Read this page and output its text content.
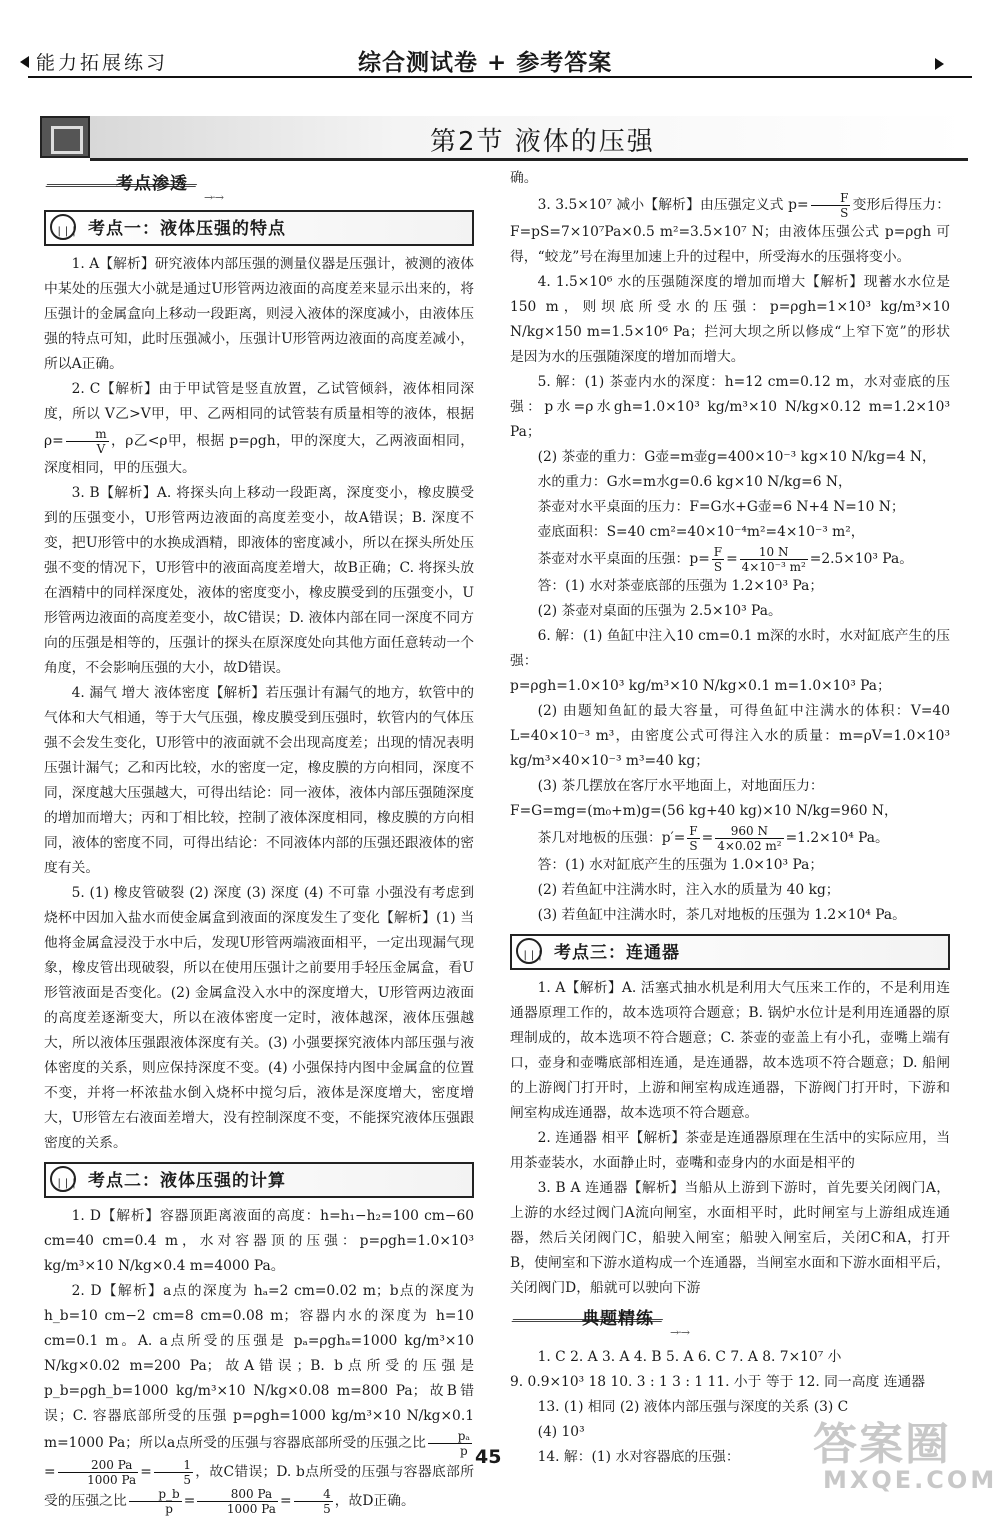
能力拓展练习	综合测试卷 + 参考答案
第2节 液体的压强
考点渗透
→·→
❘❘❘
考点一：液体压强的特点

1. A【解析】研究液体内部压强的测量仪器是压强计，被测的液体中某处的压强大小就是通过U形管两边液面的高度差来显示出来的，将压强计的金属盒向上移动一段距离，则浸入液体的深度减小，由液体压强的特点可知，此时压强减小，压强计U形管两边液面的高度差减小，所以A正确。

2. C【解析】由于甲试管是竖直放置，乙试管倾斜，液体相同深度，所以 V乙>V甲，甲、乙两相同的试管装有质量相等的液体，根据 $\rho= \frac{m}{V}$ ，ρ乙<ρ甲，根据 p=ρgh，甲的深度大，乙两液面相同，深度相同，甲的压强大。

3. B【解析】A. 将探头向上移动一段距离，深度变小，橡皮膜受到的压强变小，U形管两边液面的高度差变小，故A错误；B. 深度不变，把U形管中的水换成酒精，即液体的密度减小，所以在探头所处压强不变的情况下，U形管中的液面高度差增大，故B正确；C. 将探头放在酒精中的同样深度处，液体的密度变小，橡皮膜受到的压强变小，U形管两边液面的高度差变小，故C错误；D. 液体内部在同一深度不同方向的压强是相等的，压强计的探头在原深度处向其他方面任意转动一个角度，不会影响压强的大小，故D错误。

4. 漏气 增大 液体密度【解析】若压强计有漏气的地方，软管中的气体和大气相通，等于大气压强，橡皮膜受到压强时，软管内的气体压强不会发生变化，U形管中的液面就不会出现高度差；出现的情况表明压强计漏气；乙和丙比较，水的密度一定，橡皮膜的方向相同，深度不同，深度越大压强越大，可得出结论：同一液体，液体内部压强随深度的增加而增大；丙和丁相比较，控制了液体深度相同，橡皮膜的方向相同，液体的密度不同，可得出结论：不同液体内部的压强还跟液体的密度有关。

5. (1) 橡皮管破裂 (2) 深度 (3) 深度 (4) 不可靠 小强没有考虑到烧杯中因加入盐水而使金属盒到液面的深度发生了变化【解析】(1) 当他将金属盒浸没于水中后，发现U形管两端液面相平，一定出现漏气现象，橡皮管出现破裂，所以在使用压强计之前要用手轻压金属盒，看U形管液面是否变化。(2) 金属盒没入水中的深度增大，U形管两边液面的高度差逐渐变大，所以在液体密度一定时，液体越深，液体压强越大，所以液体压强跟液体深度有关。(3) 小强要探究液体内部压强与液体密度的关系，则应保持深度不变。(4) 小强保持内图中金属盒的位置不变，并将一杯浓盐水倒入烧杯中搅匀后，液体是深度增大，密度增大，U形管左右液面差增大，没有控制深度不变，不能探究液体压强跟密度的关系。

❘❘❘
考点二：液体压强的计算

1. D【解析】容器顶距离液面的高度：h=h₁−h₂=100 cm−60 cm=40 cm=0.4 m，水对容器顶的压强：p=ρgh=1.0×10³ kg/m³×10 N/kg×0.4 m=4000 Pa。

2. D【解析】a点的深度为 hₐ=2 cm=0.02 m；b点的深度为 h_b=10 cm−2 cm=8 cm=0.08 m；容器内水的深度为 h=10 cm=0.1 m。A. a点所受的压强是 pₐ=ρghₐ=1000 kg/m³×10 N/kg×0.02 m=200 Pa；故A错误；B. b点所受的压强是 p_b=ρgh_b=1000 kg/m³×10 N/kg×0.08 m=800 Pa；故B错误；C. 容器底部所受的压强 p=ρgh=1000 kg/m³×10 N/kg×0.1 m=1000 Pa；所以a点所受的压强与容器底部所受的压强之比 $\frac{\text{pₐ}}{p}$
= $\frac{200 Pa}{1000 Pa} = \frac{1}{5}$ ，故C错误；D. b点所受的压强与容器底部所受的压强之比 $\frac{p\_b}{p} = \frac{800 Pa}{1000 Pa} = \frac{4}{5}$ ，故D正确。

确。

3. 3.5×10⁷ 减小【解析】由压强定义式 $p= \frac{F}{S}$ 变形后得压力：F=pS=7×10⁷Pa×0.5 m²=3.5×10⁷ N；由液体压强公式 p=ρgh 可得，“蛟龙”号在海里加速上升的过程中，所受海水的压强将变小。

4. 1.5×10⁶ 水的压强随深度的增加而增大【解析】现蓄水水位是150 m，则坝底所受水的压强：p=ρgh=1×10³ kg/m³×10 N/kg×150 m=1.5×10⁶ Pa；拦河大坝之所以修成“上窄下宽”的形状是因为水的压强随深度的增加而增大。

5. 解：(1) 茶壶内水的深度：h=12 cm=0.12 m，水对壶底的压强：p水=ρ水gh=1.0×10³ kg/m³×10 N/kg×0.12 m=1.2×10³ Pa；

(2) 茶壶的重力：G壶=m壶g=400×10⁻³ kg×10 N/kg=4 N，

水的重力：G水=m水g=0.6 kg×10 N/kg=6 N，

茶壶对水平桌面的压力：F=G水+G壶=6 N+4 N=10 N；

壶底面积：S=40 cm²=40×10⁻⁴m²=4×10⁻³ m²，

茶壶对水平桌面的压强：$p= \frac{F}{S} = \frac{10 N}{\text{4×10⁻³ m²}} =2.5\times 10^3$ Pa。

答：(1) 水对茶壶底部的压强为 1.2×10³ Pa；

(2) 茶壶对桌面的压强为 2.5×10³ Pa。

6. 解：(1) 鱼缸中注入10 cm=0.1 m深的水时，水对缸底产生的压强：

p=ρgh=1.0×10³ kg/m³×10 N/kg×0.1 m=1.0×10³ Pa；

(2) 由题知鱼缸的最大容量，可得鱼缸中注满水的体积：V=40 L=40×10⁻³ m³，由密度公式可得注入水的质量：m=ρV=1.0×10³ kg/m³×40×10⁻³ m³=40 kg；

(3) 茶几摆放在客厅水平地面上，对地面压力：

F=G=mg=(m₀+m)g=(56 kg+40 kg)×10 N/kg=960 N，

茶几对地板的压强：$p'= \frac{F}{S} = \frac{960 N}{\text{4×0.02 m²}} =1.2\times 10^4$ Pa。

答：(1) 水对缸底产生的压强为 1.0×10³ Pa；

(2) 若鱼缸中注满水时，注入水的质量为 40 kg；

(3) 若鱼缸中注满水时，茶几对地板的压强为 1.2×10⁴ Pa。

❘❘❘
考点三：连通器

1. A【解析】A. 活塞式抽水机是利用大气压来工作的，不是利用连通器原理工作的，故本选项符合题意；B. 锅炉水位计是利用连通器的原理制成的，故本选项不符合题意；C. 茶壶的壶盖上有小孔，壶嘴上端有口，壶身和壶嘴底部相连通，是连通器，故本选项不符合题意；D. 船闸的上游阀门打开时，上游和闸室构成连通器，下游阀门打开时，下游和闸室构成连通器，故本选项不符合题意。

2. 连通器 相平【解析】茶壶是连通器原理在生活中的实际应用，当用茶壶装水，水面静止时，壶嘴和壶身内的水面是相平的

3. B A 连通器【解析】当船从上游到下游时，首先要关闭阀门A，上游的水经过阀门A流向闸室，水面相平时，此时闸室与上游组成连通器，然后关闭阀门C，船驶入闸室；船驶入闸室后，关闭C和A，打开B，使闸室和下游水道构成一个连通器，当闸室水面和下游水面相平后，关闭阀门D，船就可以驶向下游

典题精练
→·→

1. C 2. A 3. A 4. B 5. A 6. C 7. A 8. 7×10⁷ 小

9. 0.9×10³ 18 10. 3 : 1 3 : 1 11. 小于 等于 12. 同一高度 连通器

13. (1) 相同 (2) 液体内部压强与深度的关系 (3) C

(4) 10³

14. 解：(1) 水对容器底的压强：

45	答案圈
MXQE.COM
